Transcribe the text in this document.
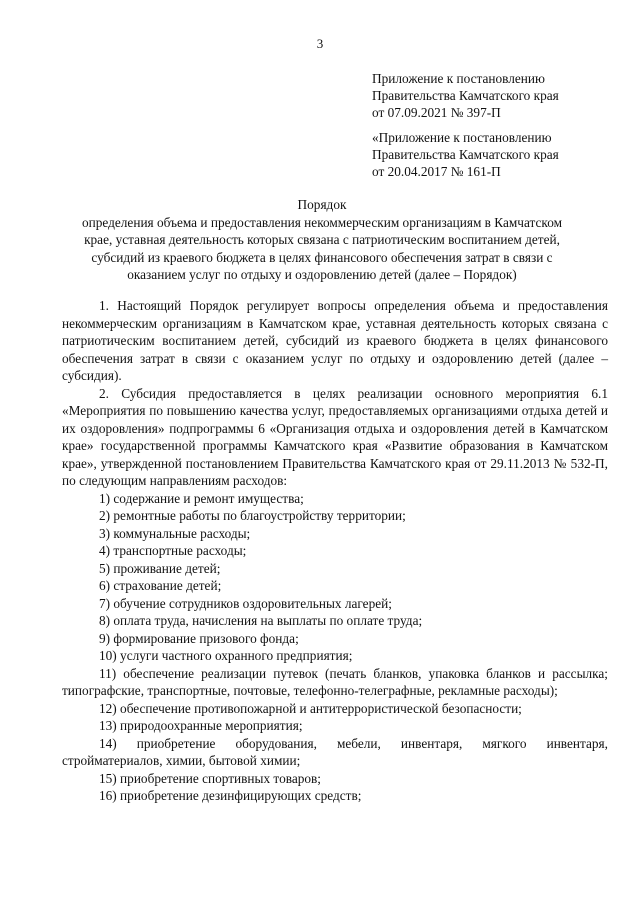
3
Приложение к постановлению
Правительства Камчатского края
от 07.09.2021 № 397-П
«Приложение к постановлению
Правительства Камчатского края
от 20.04.2017 № 161-П
Порядок
определения объема и предоставления некоммерческим организациям в Камчатском
крае, уставная деятельность которых связана с патриотическим воспитанием детей,
субсидий из краевого бюджета в целях финансового обеспечения затрат в связи с
оказанием услуг по отдыху и оздоровлению детей (далее – Порядок)

1. Настоящий Порядок регулирует вопросы определения объема и предоставления некоммерческим организациям в Камчатском крае, уставная деятельность которых связана с патриотическим воспитанием детей, субсидий из краевого бюджета в целях финансового обеспечения затрат в связи с оказанием услуг по отдыху и оздоровлению детей (далее – субсидия).

2. Субсидия предоставляется в целях реализации основного мероприятия 6.1 «Мероприятия по повышению качества услуг, предоставляемых организациями отдыха детей и их оздоровления» подпрограммы 6 «Организация отдыха и оздоровления детей в Камчатском крае» государственной программы Камчатского края «Развитие образования в Камчатском крае», утвержденной постановлением Правительства Камчатского края от 29.11.2013 № 532-П, по следующим направлениям расходов:

1) содержание и ремонт имущества;

2) ремонтные работы по благоустройству территории;

3) коммунальные расходы;

4) транспортные расходы;

5) проживание детей;

6) страхование детей;

7) обучение сотрудников оздоровительных лагерей;

8) оплата труда, начисления на выплаты по оплате труда;

9) формирование призового фонда;

10) услуги частного охранного предприятия;

11) обеспечение реализации путевок (печать бланков, упаковка бланков и рассылка; типографские, транспортные, почтовые, телефонно-телеграфные, рекламные расходы);

12) обеспечение противопожарной и антитеррористической безопасности;

13) природоохранные мероприятия;

14) приобретение оборудования, мебели, инвентаря, мягкого инвентаря, стройматериалов, химии, бытовой химии;

15) приобретение спортивных товаров;

16) приобретение дезинфицирующих средств;
